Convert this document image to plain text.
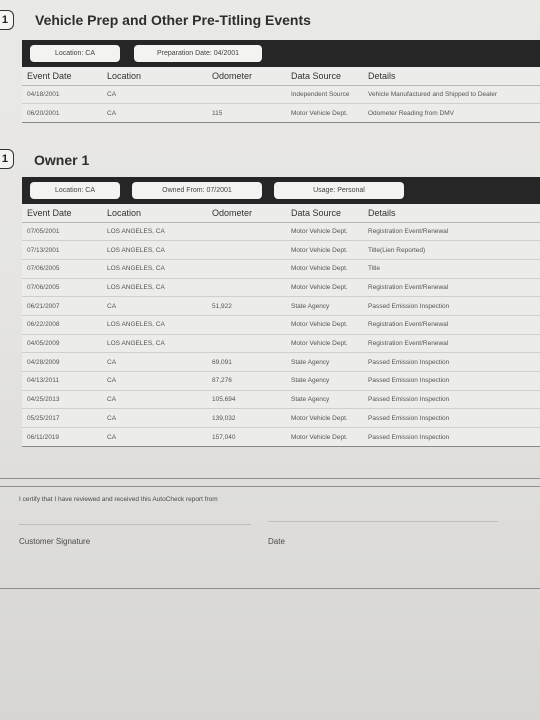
1 Vehicle Prep and Other Pre-Titling Events
Location: CA	Preparation Date: 04/2001
Event Date	Location	Odometer	Data Source	Details
04/18/2001	CA		Independent Source	Vehicle Manufactured and Shipped to Dealer
06/20/2001	CA	115	Motor Vehicle Dept.	Odometer Reading from DMV
1 Owner 1
Location: CA	Owned From: 07/2001	Usage: Personal
Event Date	Location	Odometer	Data Source	Details
07/05/2001	LOS ANGELES, CA		Motor Vehicle Dept.	Registration Event/Renewal
07/13/2001	LOS ANGELES, CA		Motor Vehicle Dept.	Title(Lien Reported)
07/06/2005	LOS ANGELES, CA		Motor Vehicle Dept.	Title
07/06/2005	LOS ANGELES, CA		Motor Vehicle Dept.	Registration Event/Renewal
06/21/2007	CA	51,922	State Agency	Passed Emission Inspection
06/22/2008	LOS ANGELES, CA		Motor Vehicle Dept.	Registration Event/Renewal
04/05/2009	LOS ANGELES, CA		Motor Vehicle Dept.	Registration Event/Renewal
04/28/2009	CA	69,091	State Agency	Passed Emission Inspection
04/13/2011	CA	87,276	State Agency	Passed Emission Inspection
04/25/2013	CA	105,694	State Agency	Passed Emission Inspection
05/25/2017	CA	139,032	Motor Vehicle Dept.	Passed Emission Inspection
06/11/2019	CA	157,040	Motor Vehicle Dept.	Passed Emission Inspection
I certify that I have reviewed and received this AutoCheck report from
Customer Signature	Date
